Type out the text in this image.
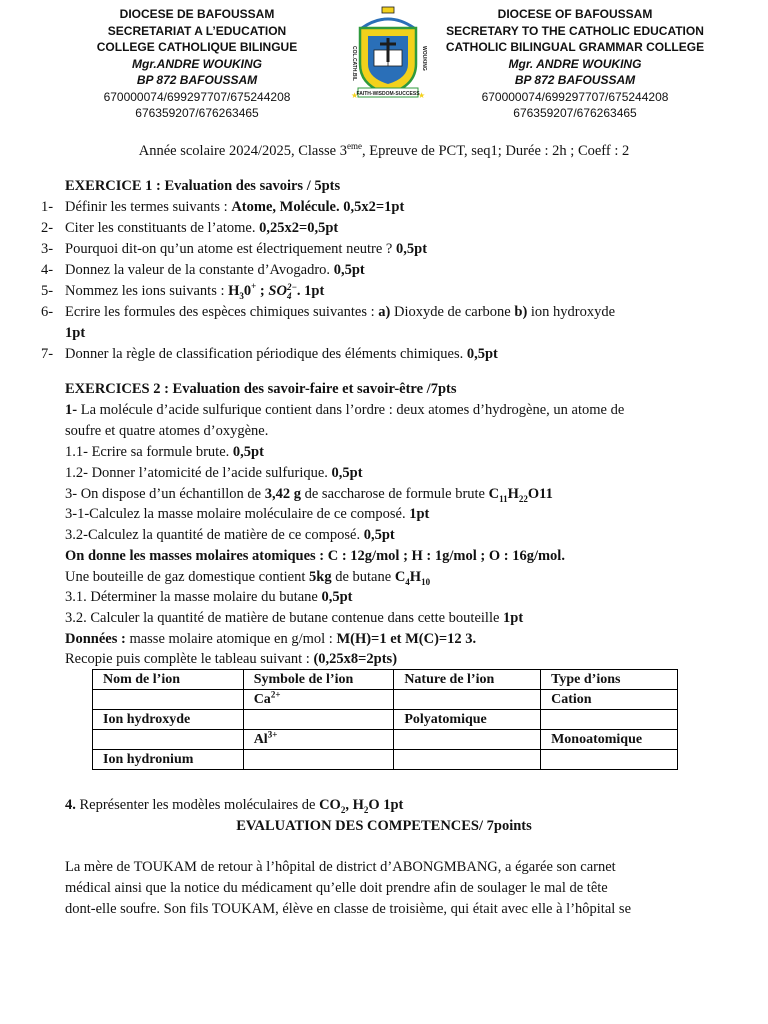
DIOCESE DE BAFOUSSAM
SECRETARIAT A L’EDUCATION
COLLEGE CATHOLIQUE BILINGUE
Mgr.ANDRE WOUKING
BP 872 BAFOUSSAM
670000074/699297707/675244208
676359207/676263465
COL.CATH.BIL	WOUKING
FAITH-WISDOM-SUCCESS
★	★
DIOCESE OF BAFOUSSAM
SECRETARY TO THE CATHOLIC EDUCATION
CATHOLIC BILINGUAL GRAMMAR COLLEGE
Mgr. ANDRE WOUKING
BP 872 BAFOUSSAM
670000074/699297707/675244208
676359207/676263465
Année scolaire 2024/2025, Classe 3eme, Epreuve de PCT, seq1; Durée : 2h ; Coeff : 2
EXERCICE 1 : Evaluation des savoirs / 5pts
1- Définir les termes suivants : Atome, Molécule. 0,5x2=1pt
2- Citer les constituants de l’atome. 0,25x2=0,5pt
3- Pourquoi dit-on qu’un atome est électriquement neutre ? 0,5pt
4- Donnez la valeur de la constante d’Avogadro. 0,5pt
5- Nommez les ions suivants : $H_30^+$ ; SO 2−
4 . 1pt
6- Ecrire les formules des espèces chimiques suivantes : a) Dioxyde de carbone b) ion hydroxyde
1pt
7- Donner la règle de classification périodique des éléments chimiques. 0,5pt
EXERCICES 2 : Evaluation des savoir-faire et savoir-être /7pts
1- La molécule d’acide sulfurique contient dans l’ordre : deux atomes d’hydrogène, un atome de
soufre et quatre atomes d’oxygène.
1.1- Ecrire sa formule brute. 0,5pt
1.2- Donner l’atomicité de l’acide sulfurique. 0,5pt
3- On dispose d’un échantillon de 3,42 g de saccharose de formule brute $C_{11}H_{22}O11$
3-1-Calculez la masse molaire moléculaire de ce composé. 1pt
3.2-Calculez la quantité de matière de ce composé. 0,5pt
On donne les masses molaires atomiques : C : 12g/mol ; H : 1g/mol ; O : 16g/mol.
Une bouteille de gaz domestique contient 5kg de butane $C_4H_{10}$
3.1. Déterminer la masse molaire du butane 0,5pt
3.2. Calculer la quantité de matière de butane contenue dans cette bouteille 1pt
Données : masse molaire atomique en g/mol : M(H)=1 et M(C)=12 3.
Recopie puis complète le tableau suivant : (0,25x8=2pts)
Nom de l’ion	Symbole de l’ion	Nature de l’ion	Type d’ions
	$Ca^{2+}$		Cation
Ion hydroxyde		Polyatomique	
	$Al^{3+}$		Monoatomique
Ion hydronium			
4. Représenter les modèles moléculaires de $CO_2$, $H_2O$ 1pt
EVALUATION DES COMPETENCES/ 7points
La mère de TOUKAM de retour à l’hôpital de district d’ABONGMBANG, a égarée son carnet
médical ainsi que la notice du médicament qu’elle doit prendre afin de soulager le mal de tête
dont-elle soufre. Son fils TOUKAM, élève en classe de troisième, qui était avec elle à l’hôpital se
